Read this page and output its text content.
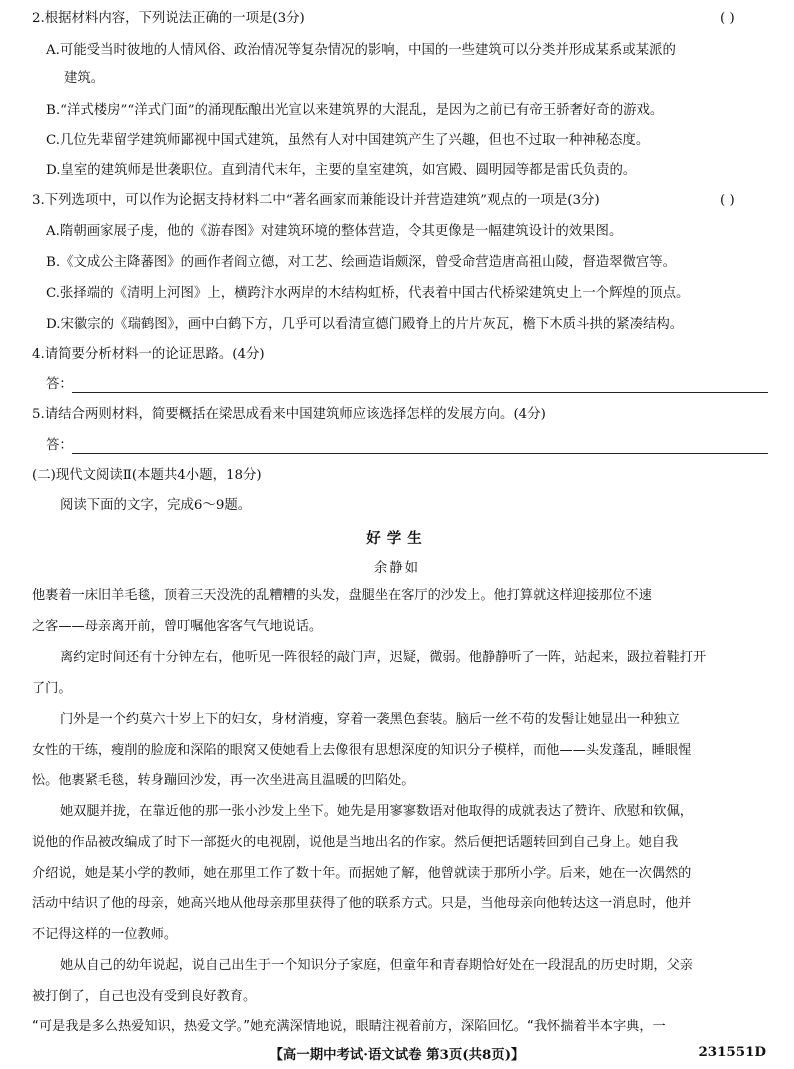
2.根据材料内容，下列说法正确的一项是(3分)	( )
A.可能受当时彼地的人情风俗、政治情况等复杂情况的影响，中国的一些建筑可以分类并形成某系或某派的
建筑。
B.“洋式楼房”“洋式门面”的涌现酝酿出光宣以来建筑界的大混乱，是因为之前已有帝王骄奢好奇的游戏。
C.几位先辈留学建筑师鄙视中国式建筑，虽然有人对中国建筑产生了兴趣，但也不过取一种神秘态度。
D.皇室的建筑师是世袭职位。直到清代末年，主要的皇室建筑，如宫殿、圆明园等都是雷氏负责的。
3.下列选项中，可以作为论据支持材料二中“著名画家而兼能设计并营造建筑”观点的一项是(3分)	( )
A.隋朝画家展子虔，他的《游春图》对建筑环境的整体营造，令其更像是一幅建筑设计的效果图。
B.《文成公主降蕃图》的画作者阎立德，对工艺、绘画造诣颇深，曾受命营造唐高祖山陵，督造翠微宫等。
C.张择端的《清明上河图》上，横跨汴水两岸的木结构虹桥，代表着中国古代桥梁建筑史上一个辉煌的顶点。
D.宋徽宗的《瑞鹤图》，画中白鹤下方，几乎可以看清宣德门殿脊上的片片灰瓦，檐下木质斗拱的紧凑结构。
4.请简要分析材料一的论证思路。(4分)
答：
5.请结合两则材料，简要概括在梁思成看来中国建筑师应该选择怎样的发展方向。(4分)
答：
(二)现代文阅读Ⅱ(本题共4小题，18分)
阅读下面的文字，完成6～9题。
好学生
余静如
他裹着一床旧羊毛毯，顶着三天没洗的乱糟糟的头发，盘腿坐在客厅的沙发上。他打算就这样迎接那位不速
之客——母亲离开前，曾叮嘱他客客气气地说话。
离约定时间还有十分钟左右，他听见一阵很轻的敲门声，迟疑，微弱。他静静听了一阵，站起来，趿拉着鞋打开
了门。
门外是一个约莫六十岁上下的妇女，身材消瘦，穿着一袭黑色套装。脑后一丝不苟的发髻让她显出一种独立
女性的干练，瘦削的脸庞和深陷的眼窝又使她看上去像很有思想深度的知识分子模样，而他——头发蓬乱，睡眼惺
忪。他裹紧毛毯，转身蹦回沙发，再一次坐进高且温暖的凹陷处。
她双腿并拢，在靠近他的那一张小沙发上坐下。她先是用寥寥数语对他取得的成就表达了赞许、欣慰和钦佩，
说他的作品被改编成了时下一部挺火的电视剧，说他是当地出名的作家。然后便把话题转回到自己身上。她自我
介绍说，她是某小学的教师，她在那里工作了数十年。而据她了解，他曾就读于那所小学。后来，她在一次偶然的
活动中结识了他的母亲，她高兴地从他母亲那里获得了他的联系方式。只是，当他母亲向他转达这一消息时，他并
不记得这样的一位教师。
她从自己的幼年说起，说自己出生于一个知识分子家庭，但童年和青春期恰好处在一段混乱的历史时期，父亲
被打倒了，自己也没有受到良好教育。
“可是我是多么热爱知识，热爱文学。”她充满深情地说，眼睛注视着前方，深陷回忆。“我怀揣着半本字典，一
【高一期中考试·语文试卷 第3页(共8页)】	231551D
